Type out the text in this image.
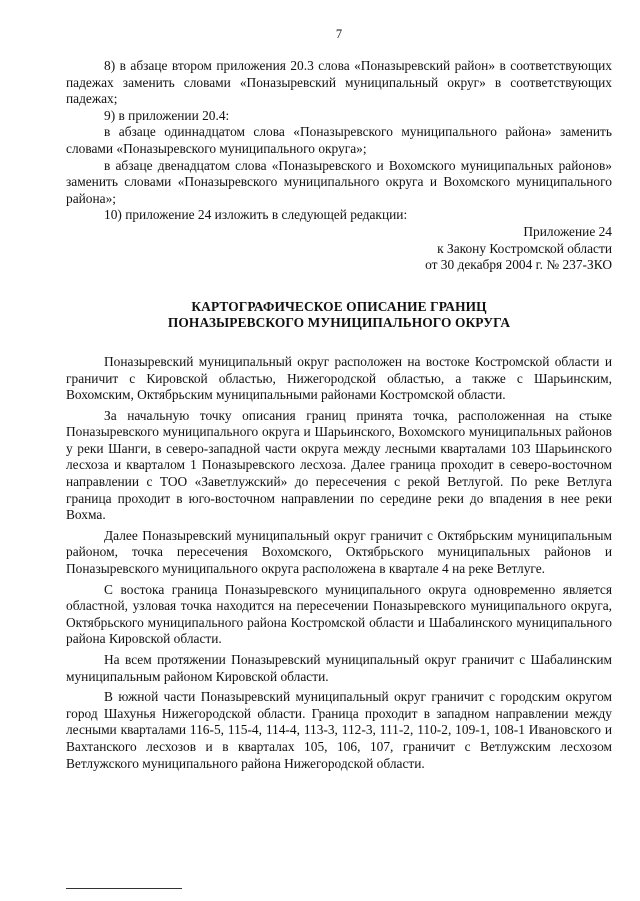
7

8) в абзаце втором приложения 20.3 слова «Поназыревский район» в соответствующих падежах заменить словами «Поназыревский муниципальный округ» в соответствующих падежах;

9) в приложении 20.4:

в абзаце одиннадцатом слова «Поназыревского муниципального района» заменить словами «Поназыревского муниципального округа»;

в абзаце двенадцатом слова «Поназыревского и Вохомского муниципальных районов» заменить словами «Поназыревского муниципального округа и Вохомского муниципального района»;

10) приложение 24 изложить в следующей редакции:

Приложение 24

к Закону Костромской области

от 30 декабря 2004 г. № 237-ЗКО

КАРТОГРАФИЧЕСКОЕ ОПИСАНИЕ ГРАНИЦ
ПОНАЗЫРЕВСКОГО МУНИЦИПАЛЬНОГО ОКРУГА

Поназыревский муниципальный округ расположен на востоке Костромской области и граничит с Кировской областью, Нижегородской областью, а также с Шарьинским, Вохомским, Октябрьским муниципальными районами Костромской области.

За начальную точку описания границ принята точка, расположенная на стыке Поназыревского муниципального округа и Шарьинского, Вохомского муниципальных районов у реки Шанги, в северо-западной части округа между лесными кварталами 103 Шарьинского лесхоза и кварталом 1 Поназыревского лесхоза. Далее граница проходит в северо-восточном направлении с ТОО «Заветлужский» до пересечения с рекой Ветлугой. По реке Ветлуга граница проходит в юго-восточном направлении по середине реки до впадения в нее реки Вохма.

Далее Поназыревский муниципальный округ граничит с Октябрьским муниципальным районом, точка пересечения Вохомского, Октябрьского муниципальных районов и Поназыревского муниципального округа расположена в квартале 4 на реке Ветлуге.

С востока граница Поназыревского муниципального округа одновременно является областной, узловая точка находится на пересечении Поназыревского муниципального округа, Октябрьского муниципального района Костромской области и Шабалинского муниципального района Кировской области.

На всем протяжении Поназыревский муниципальный округ граничит с Шабалинским муниципальным районом Кировской области.

В южной части Поназыревский муниципальный округ граничит с городским округом город Шахунья Нижегородской области. Граница проходит в западном направлении между лесными кварталами 116-5, 115-4, 114-4, 113-3, 112-3, 111-2, 110-2, 109-1, 108-1 Ивановского и Вахтанского лесхозов и в кварталах 105, 106, 107, граничит с Ветлужским лесхозом Ветлужского муниципального района Нижегородской области.
